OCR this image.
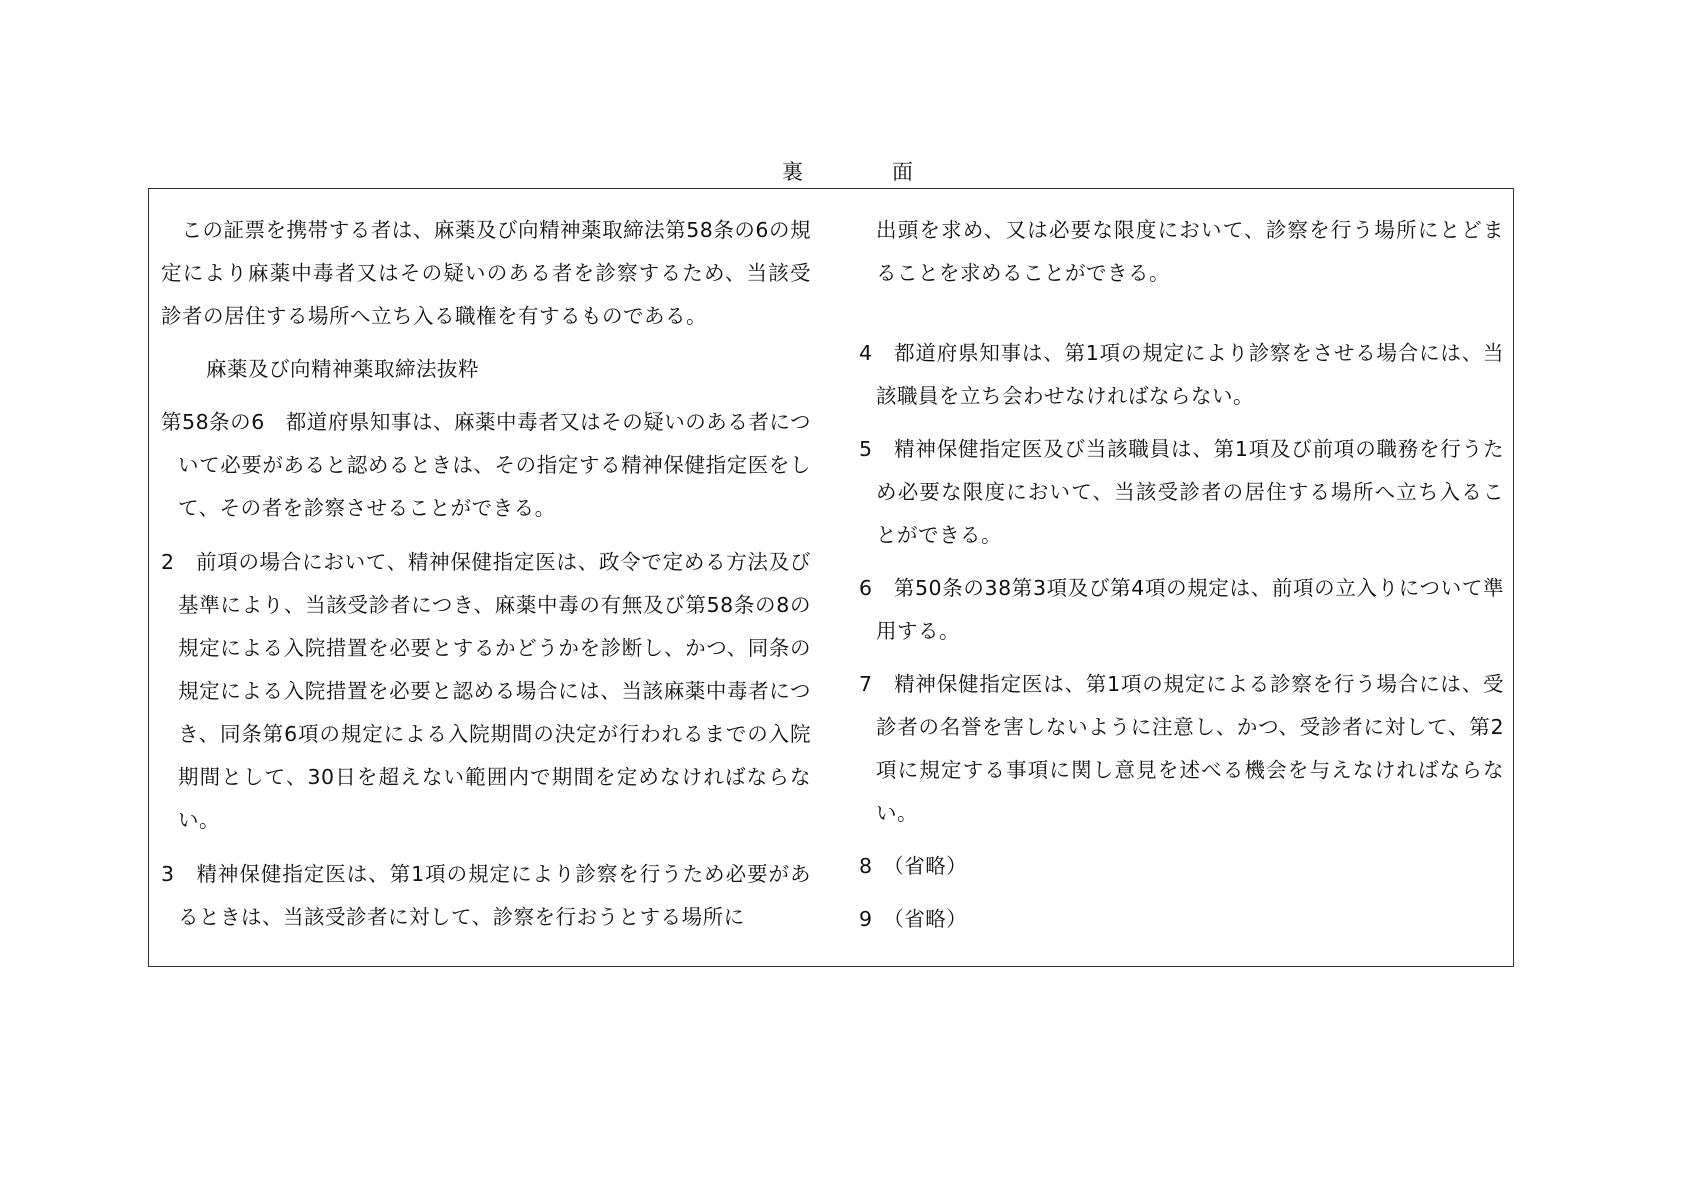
裏　面

この証票を携帯する者は、麻薬及び向精神薬取締法第58条の6の規定により麻薬中毒者又はその疑いのある者を診察するため、当該受診者の居住する場所へ立ち入る職権を有するものである。

麻薬及び向精神薬取締法抜粋

第58条の6　都道府県知事は、麻薬中毒者又はその疑いのある者について必要があると認めるときは、その指定する精神保健指定医をして、その者を診察させることができる。

2　前項の場合において、精神保健指定医は、政令で定める方法及び基準により、当該受診者につき、麻薬中毒の有無及び第58条の8の規定による入院措置を必要とするかどうかを診断し、かつ、同条の規定による入院措置を必要と認める場合には、当該麻薬中毒者につき、同条第6項の規定による入院期間の決定が行われるまでの入院期間として、30日を超えない範囲内で期間を定めなければならない。

3　精神保健指定医は、第1項の規定により診察を行うため必要があるときは、当該受診者に対して、診察を行おうとする場所に

出頭を求め、又は必要な限度において、診察を行う場所にとどまることを求めることができる。

4　都道府県知事は、第1項の規定により診察をさせる場合には、当該職員を立ち会わせなければならない。

5　精神保健指定医及び当該職員は、第1項及び前項の職務を行うため必要な限度において、当該受診者の居住する場所へ立ち入ることができる。

6　第50条の38第3項及び第4項の規定は、前項の立入りについて準用する。

7　精神保健指定医は、第1項の規定による診察を行う場合には、受診者の名誉を害しないように注意し、かつ、受診者に対して、第2項に規定する事項に関し意見を述べる機会を与えなければならない。

8　（省略）

9　（省略）
